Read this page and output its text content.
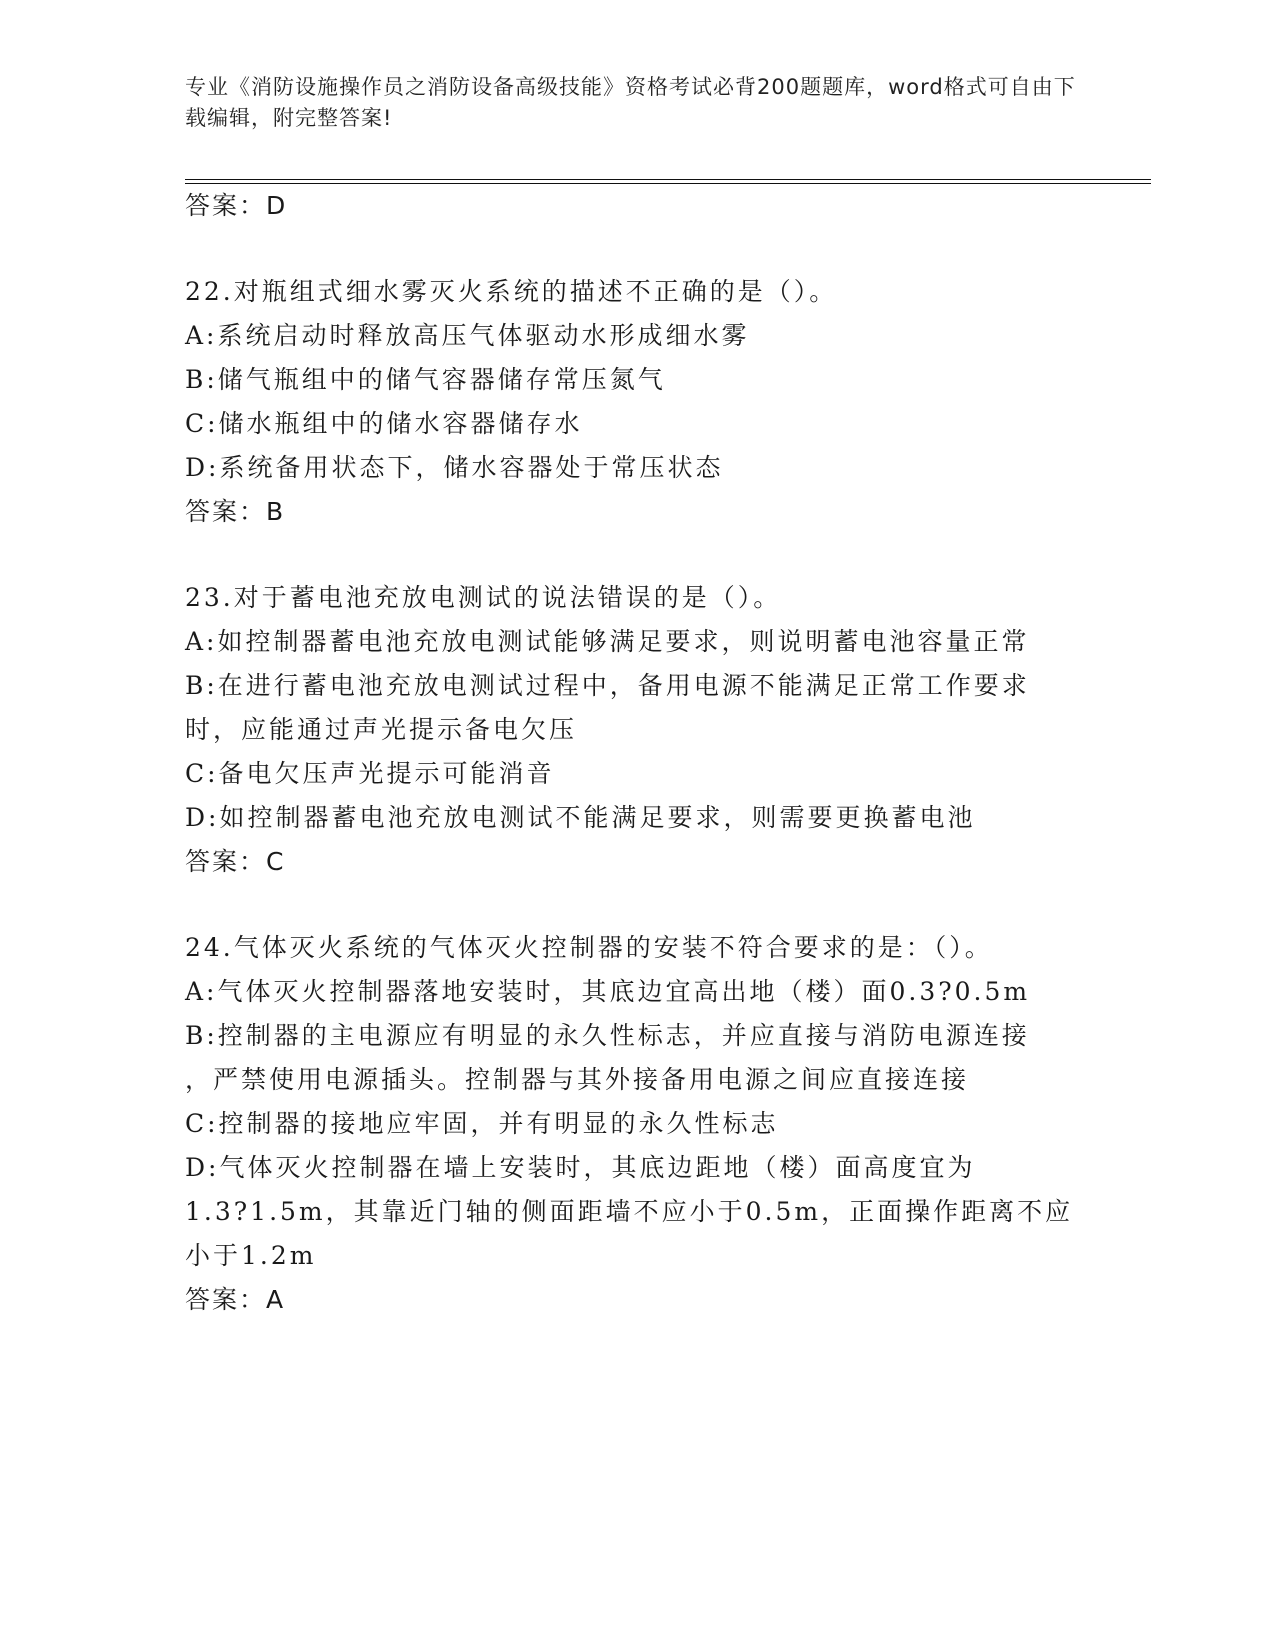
专业《消防设施操作员之消防设备高级技能》资格考试必背200题题库，word格式可自由下载编辑，附完整答案!
答案：D
22.对瓶组式细水雾灭火系统的描述不正确的是（）。
A:系统启动时释放高压气体驱动水形成细水雾
B:储气瓶组中的储气容器储存常压氮气
C:储水瓶组中的储水容器储存水
D:系统备用状态下，储水容器处于常压状态
答案：B
23.对于蓄电池充放电测试的说法错误的是（）。
A:如控制器蓄电池充放电测试能够满足要求，则说明蓄电池容量正常
B:在进行蓄电池充放电测试过程中，备用电源不能满足正常工作要求
时，应能通过声光提示备电欠压
C:备电欠压声光提示可能消音
D:如控制器蓄电池充放电测试不能满足要求，则需要更换蓄电池
答案：C
24.气体灭火系统的气体灭火控制器的安装不符合要求的是：（）。
A:气体灭火控制器落地安装时，其底边宜高出地（楼）面0.3?0.5m
B:控制器的主电源应有明显的永久性标志，并应直接与消防电源连接
，严禁使用电源插头。控制器与其外接备用电源之间应直接连接
C:控制器的接地应牢固，并有明显的永久性标志
D:气体灭火控制器在墙上安装时，其底边距地（楼）面高度宜为
1.3?1.5m，其靠近门轴的侧面距墙不应小于0.5m，正面操作距离不应
小于1.2m
答案：A
